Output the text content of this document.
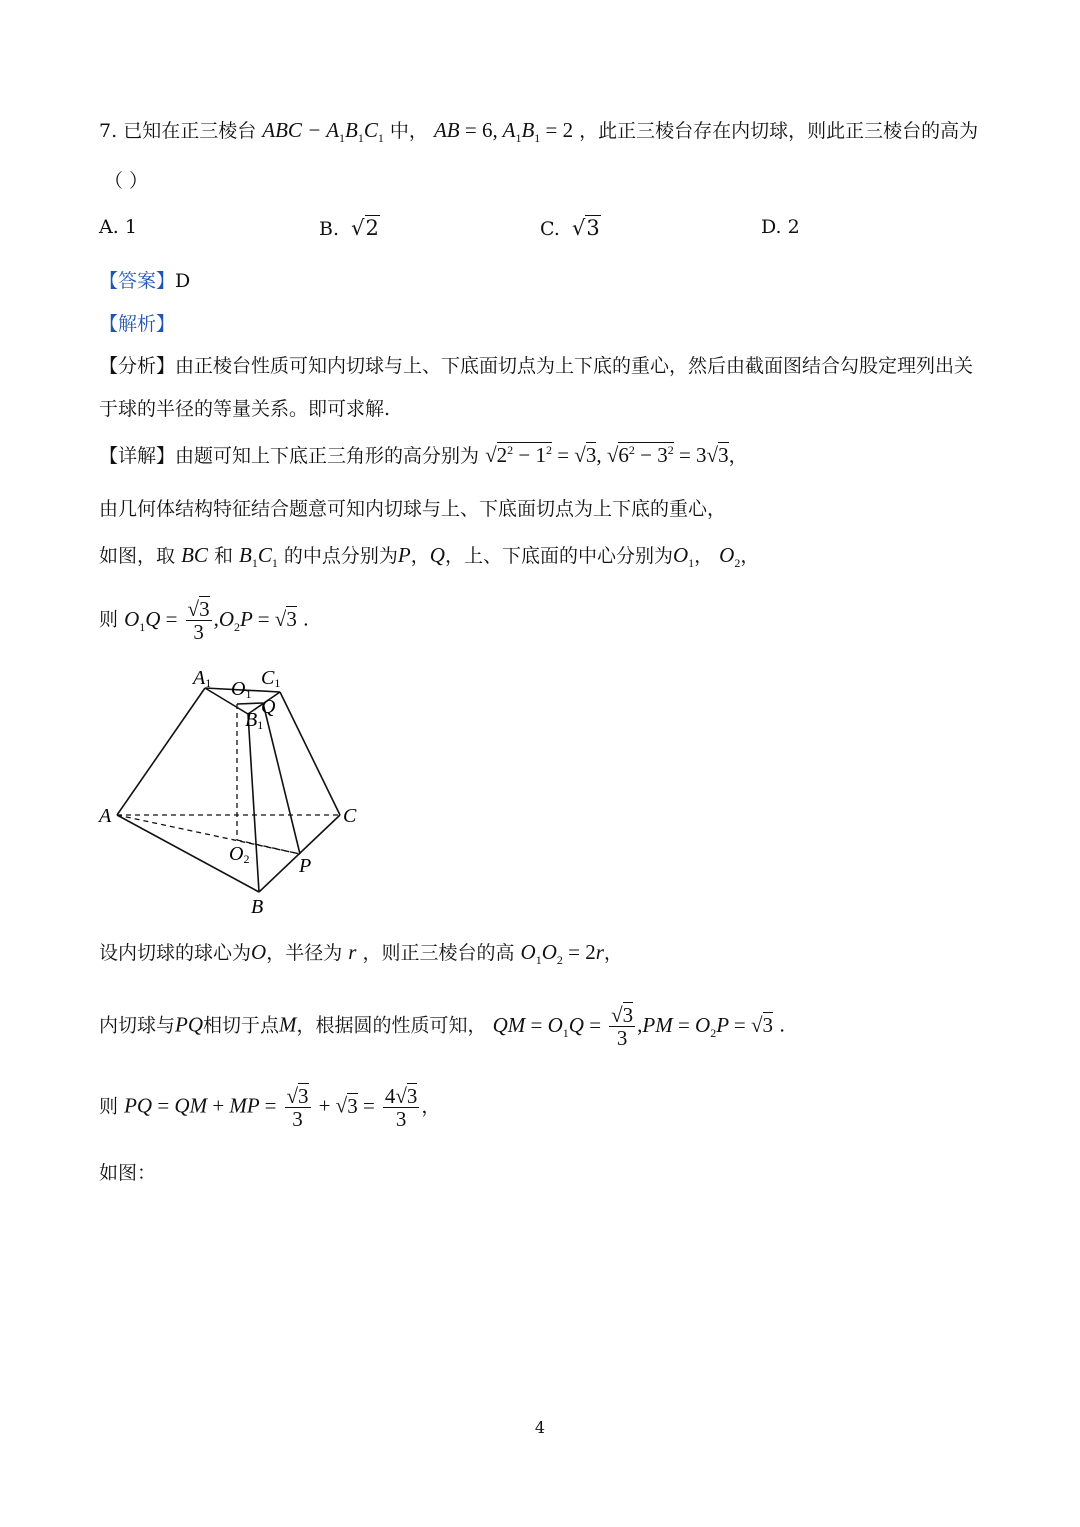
7. 已知在正三棱台 ABC − $A_1B_1C_1$ 中， AB = 6, $A_1B_1 = 2$ ，此正三棱台存在内切球，则此正三棱台的高为
（ ）
A. 1	B. √2	C. √3	D. 2
【答案】D
【解析】
【分析】由正棱台性质可知内切球与上、下底面切点为上下底的重心，然后由截面图结合勾股定理列出关
于球的半径的等量关系。即可求解.
【详解】由题可知上下底正三角形的高分别为 $√2^2 - 1^2 = √3$, $√6^2 - 3^2 = 3√3$，
由几何体结构特征结合题意可知内切球与上、下底面切点为上下底的重心，
如图，取 BC 和 $B_1C_1$ 的中点分别为P，Q，上、下底面的中心分别为$O_1$， $O_2$，
则 $O_1Q = \frac{√3}{3} ,O_2P = √3$ .
A1 C1
O1
B1
Q
A	C
O2 P
B
设内切球的球心为O，半径为 r ，则正三棱台的高 $O_1O_2 = 2r$，
内切球与PQ相切于点M，根据圆的性质可知， QM = $O_1Q = \frac{√3}{3} ,PM = O_2P = √3$ .
则 PQ = QM + MP = $\frac{√3}{3} + √3 = \frac{4√3}{3}$ ，
如图：
4
